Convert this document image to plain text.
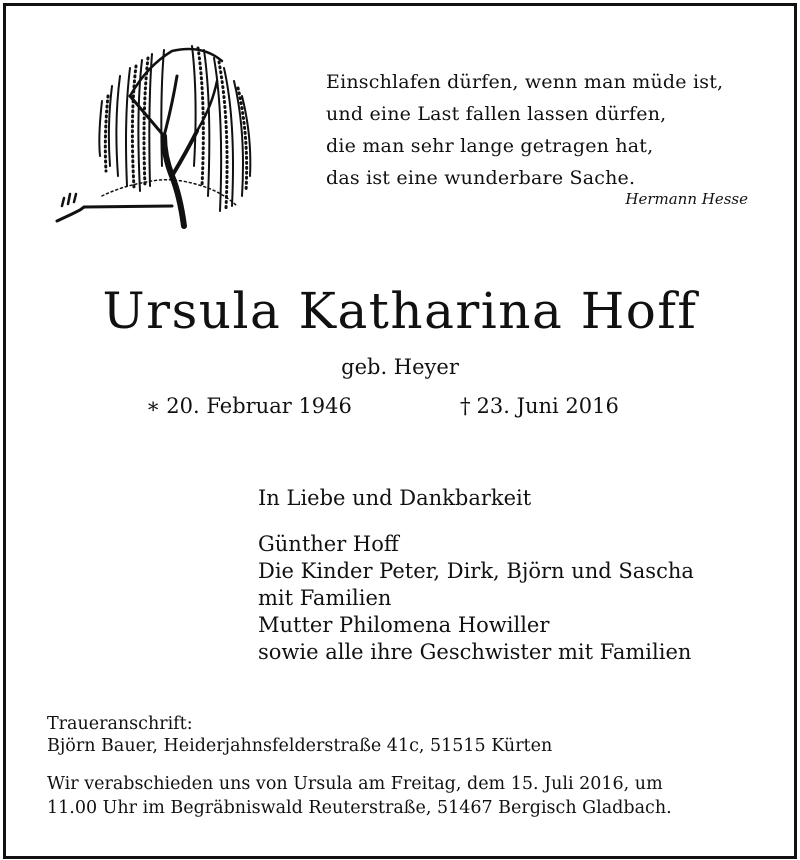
Einschlafen dürfen, wenn man müde ist,
und eine Last fallen lassen dürfen,
die man sehr lange getragen hat,
das ist eine wunderbare Sache.
Hermann Hesse
Ursula Katharina Hoff
geb. Heyer
∗ 20. Februar 1946	† 23. Juni 2016
In Liebe und Dankbarkeit
Günther Hoff
Die Kinder Peter, Dirk, Björn und Sascha
mit Familien
Mutter Philomena Howiller
sowie alle ihre Geschwister mit Familien
Traueranschrift:
Björn Bauer, Heiderjahnsfelderstraße 41c, 51515 Kürten
Wir verabschieden uns von Ursula am Freitag, dem 15. Juli 2016, um
11.00 Uhr im Begräbniswald Reuterstraße, 51467 Bergisch Gladbach.
